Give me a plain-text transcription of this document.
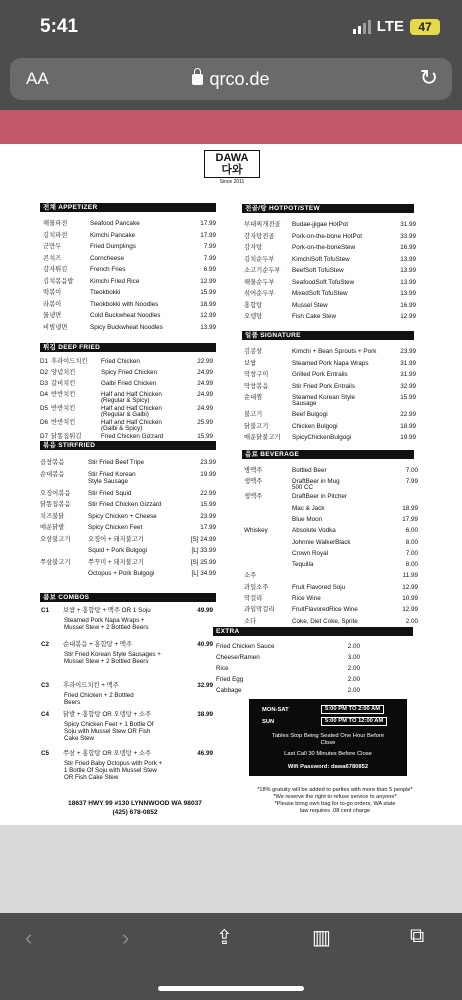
5:41	LTE	47
AA	qrco.de	↻
DAWA
다와
Since 2011
전채 APPETIZER
해물파전	Seafood Pancake	17.99
김치파전	Kimchi Pancake	17.99
군만두	Fried Dumplings	7.99
콘치즈	Corncheese	7.99
감자튀김	French Fries	6.99
김치볶음밥	Kimchi Fried Rice	12.99
떡볶이	Tteokbokki	15.99
라볶이	Tteokbokki with Noodles	18.99
물냉면	Cold Buckwheat Noodles	12.99
비빔냉면	Spicy Buckwheat Noodles	13.99
튀김 DEEP FRIED
D1 후라이드치킨	Fried Chicken	22.99
D2 양념치킨	Spicy Fried Chicken	24.99
D3 갈비치킨	Galbi Fried Chicken	24.99
D4 반반치킨	Half and Half Chicken	24.99
(Regular & Spicy)
D5 반반치킨	Half and Half Chicken	24.99
(Regular & Galbi)
D6 반반치킨	Half and Half Chicken	25.99
(Galbi & Spicy)
D7 닭똥집튀김	Fried Chicken Gizzard	15.99
볶음 STIRFRIED
곱창볶음	Stir Fried Beef Tripe	23.99
순대볶음	Stir Fried Korean	19.99
Style Sausage
오징어볶음	Stir Fried Squid	22.99
닭똥집볶음	Stir Fried Chicken Gizzard	15.99
치즈불닭	Spicy Chicken + Cheese	23.99
매운닭발	Spicy Chicken Feet	17.99
오삼불고기	오징어 + 돼지불고기	[S] 24.99
Squid + Pork Bulgogi	[L] 33.99
쭈삼불고기	쭈꾸미 + 돼지불고기	[S] 25.99
Octopus + Pork Bulgogi	[L] 34.99
콤보 COMBOS
C1	보쌈 + 홍합탕 + 맥주 OR 1 Soju	49.99
Steamed Pork Napa Wraps +
Mussel Stew + 2 Bottled Beers
C2	순대볶음 + 홍합탕 + 맥주	40.99
Stir Fried Korean Style Sausages +
Mussel Stew + 2 Bottled Beers
C3	후라이드치킨 + 맥주	32.99
Fried Chicken + 2 Bottled
Beers
C4	닭발 + 홍합탕 OR 오뎅탕 + 소주	38.99
Spicy Chicken Feet + 1 Bottle Of
Soju with Mussel Stew OR Fish
Cake Stew
C5	쭈삼 + 홍합탕 OR 오뎅탕 + 소주	46.99
Stir Fried Baby Octopus with Pork +
1 Bottle Of Soju with Mussel Stew
OR Fish Cake Stew
전골/탕 HOTPOT/STEW
부대찌개전골	Budae-jjigae HotPot	31.99
감자탕전골	Pork-on-the-bone HotPot	33.99
감자탕	Pork-on-the-boneStew	16.99
김치순두부	KimchiSoft TofuStew	13.99
소고기순두부	BeefSoft TofuStew	13.99
해물순두부	SeafoodSoft TofuStew	13.99
섞어순두부	MixedSoft TofuStew	13.99
홍합탕	Mussel Stew	16.99
오뎅탕	Fish Cake Stew	12.99
일품 SIGNATURE
김콩삼	Kimchi + Bean Sprouts + Pork	23.99
보쌈	Steamed Pork Napa Wraps	31.99
막창구이	Grilled Pork Entrails	31.99
막창볶음	Stir Fried Pork Entrails	32.99
순대찜	Steamed Korean Style	15.99
Sausage
불고기	Beef Bulgogi	22.99
닭불고기	Chicken Bulgogi	18.99
매운닭불고기	SpicyChickenBulgogi	19.99
음료 BEVERAGE
병맥주	Bottled Beer	7.00
생맥주	DraftBeer in Mug	7.99
500 CC
생맥주	DraftBeer in Pitcher
Mac & Jack	18.99
Blue Moon	17.99
Whiskey	Absolute Vodka	6.00
Johnnie WalkerBlack	8.00
Crown Royal	7.00
Tequilla	8.00
소주	11.99
과일소주	Fruit Flavored Soju	12.99
막걸리	Rice Wine	10.99
과일막걸리	FruitFlavoredRice Wine	12.99
소다	Coke, Diet Coke, Sprite	2.00
EXTRA
Fried Chicken Sauce	2.00
Cheese/Ramen	3.00
Rice	2.00
Fried Egg	2.00
Cabbage	2.00
18637 HWY 99 #130 LYNNWOOD WA 98037
(425) 678-0852
MON-SAT	5:00 PM TO 2:00 AM
SUN	5:00 PM TO 12:00 AM
Tables Stop Being Seated One Hour Before
Close
Last Call 30 Minutes Before Close
Wifi Password: dawa6780852
*18% gratuity will be added to parties with more than 5 people*
*We reserve the right to refuse service to anyone*
*Please bring own bag for to-go orders, WA state
law requires .08 cent charge
‹	›	⇪	▥	⧉
